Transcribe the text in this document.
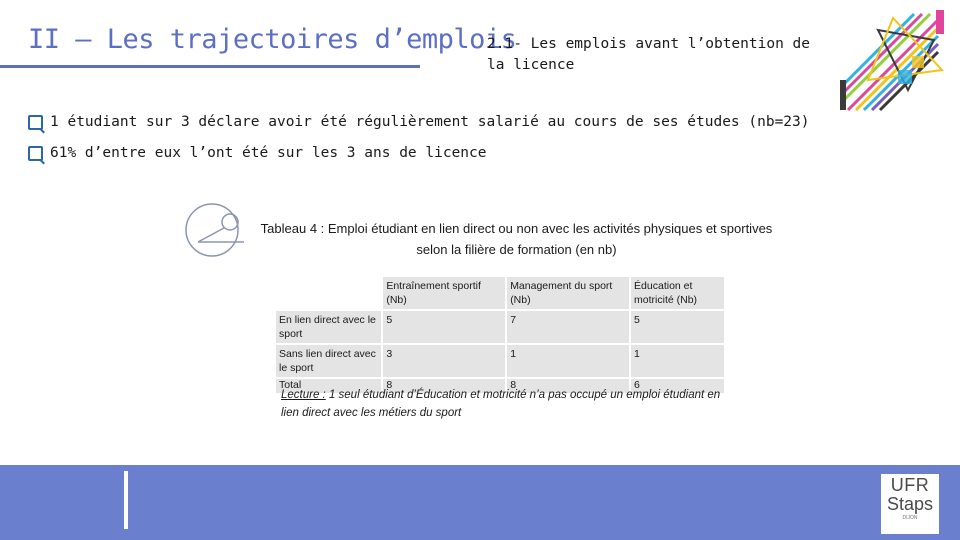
II – Les trajectoires d’emplois
2.1- Les emplois avant l’obtention de la licence
1 étudiant sur 3 déclare avoir été régulièrement salarié au cours de ses études (nb=23)
61% d’entre eux l’ont été sur les 3 ans de licence
Tableau 4 : Emploi étudiant en lien direct ou non avec les activités physiques et sportives selon la filière de formation (en nb)
	Entraînement sportif (Nb)	Management du sport (Nb)	Éducation et motricité (Nb)
En lien direct avec le sport	5	7	5
Sans lien direct avec le sport	3	1	1
Total	8	8	6
Lecture : 1 seul étudiant d’Éducation et motricité n’a pas occupé un emploi étudiant en lien direct avec les métiers du sport
UFR
Staps
DIJON
